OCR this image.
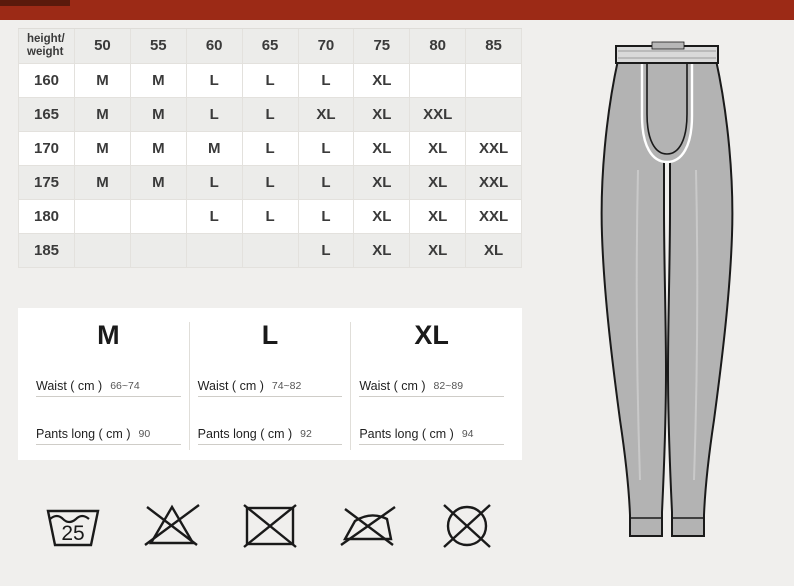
height/
weight	50	55	60	65	70	75	80	85
160	M	M	L	L	L	XL		
165	M	M	L	L	XL	XL	XXL	
170	M	M	M	L	L	XL	XL	XXL
175	M	M	L	L	L	XL	XL	XXL
180			L	L	L	XL	XL	XXL
185					L	XL	XL	XL
M
Waist ( cm ) 66~74
Pants long ( cm ) 90
L
Waist ( cm ) 74~82
Pants long ( cm ) 92
XL
Waist ( cm ) 82~89
Pants long ( cm ) 94
25
